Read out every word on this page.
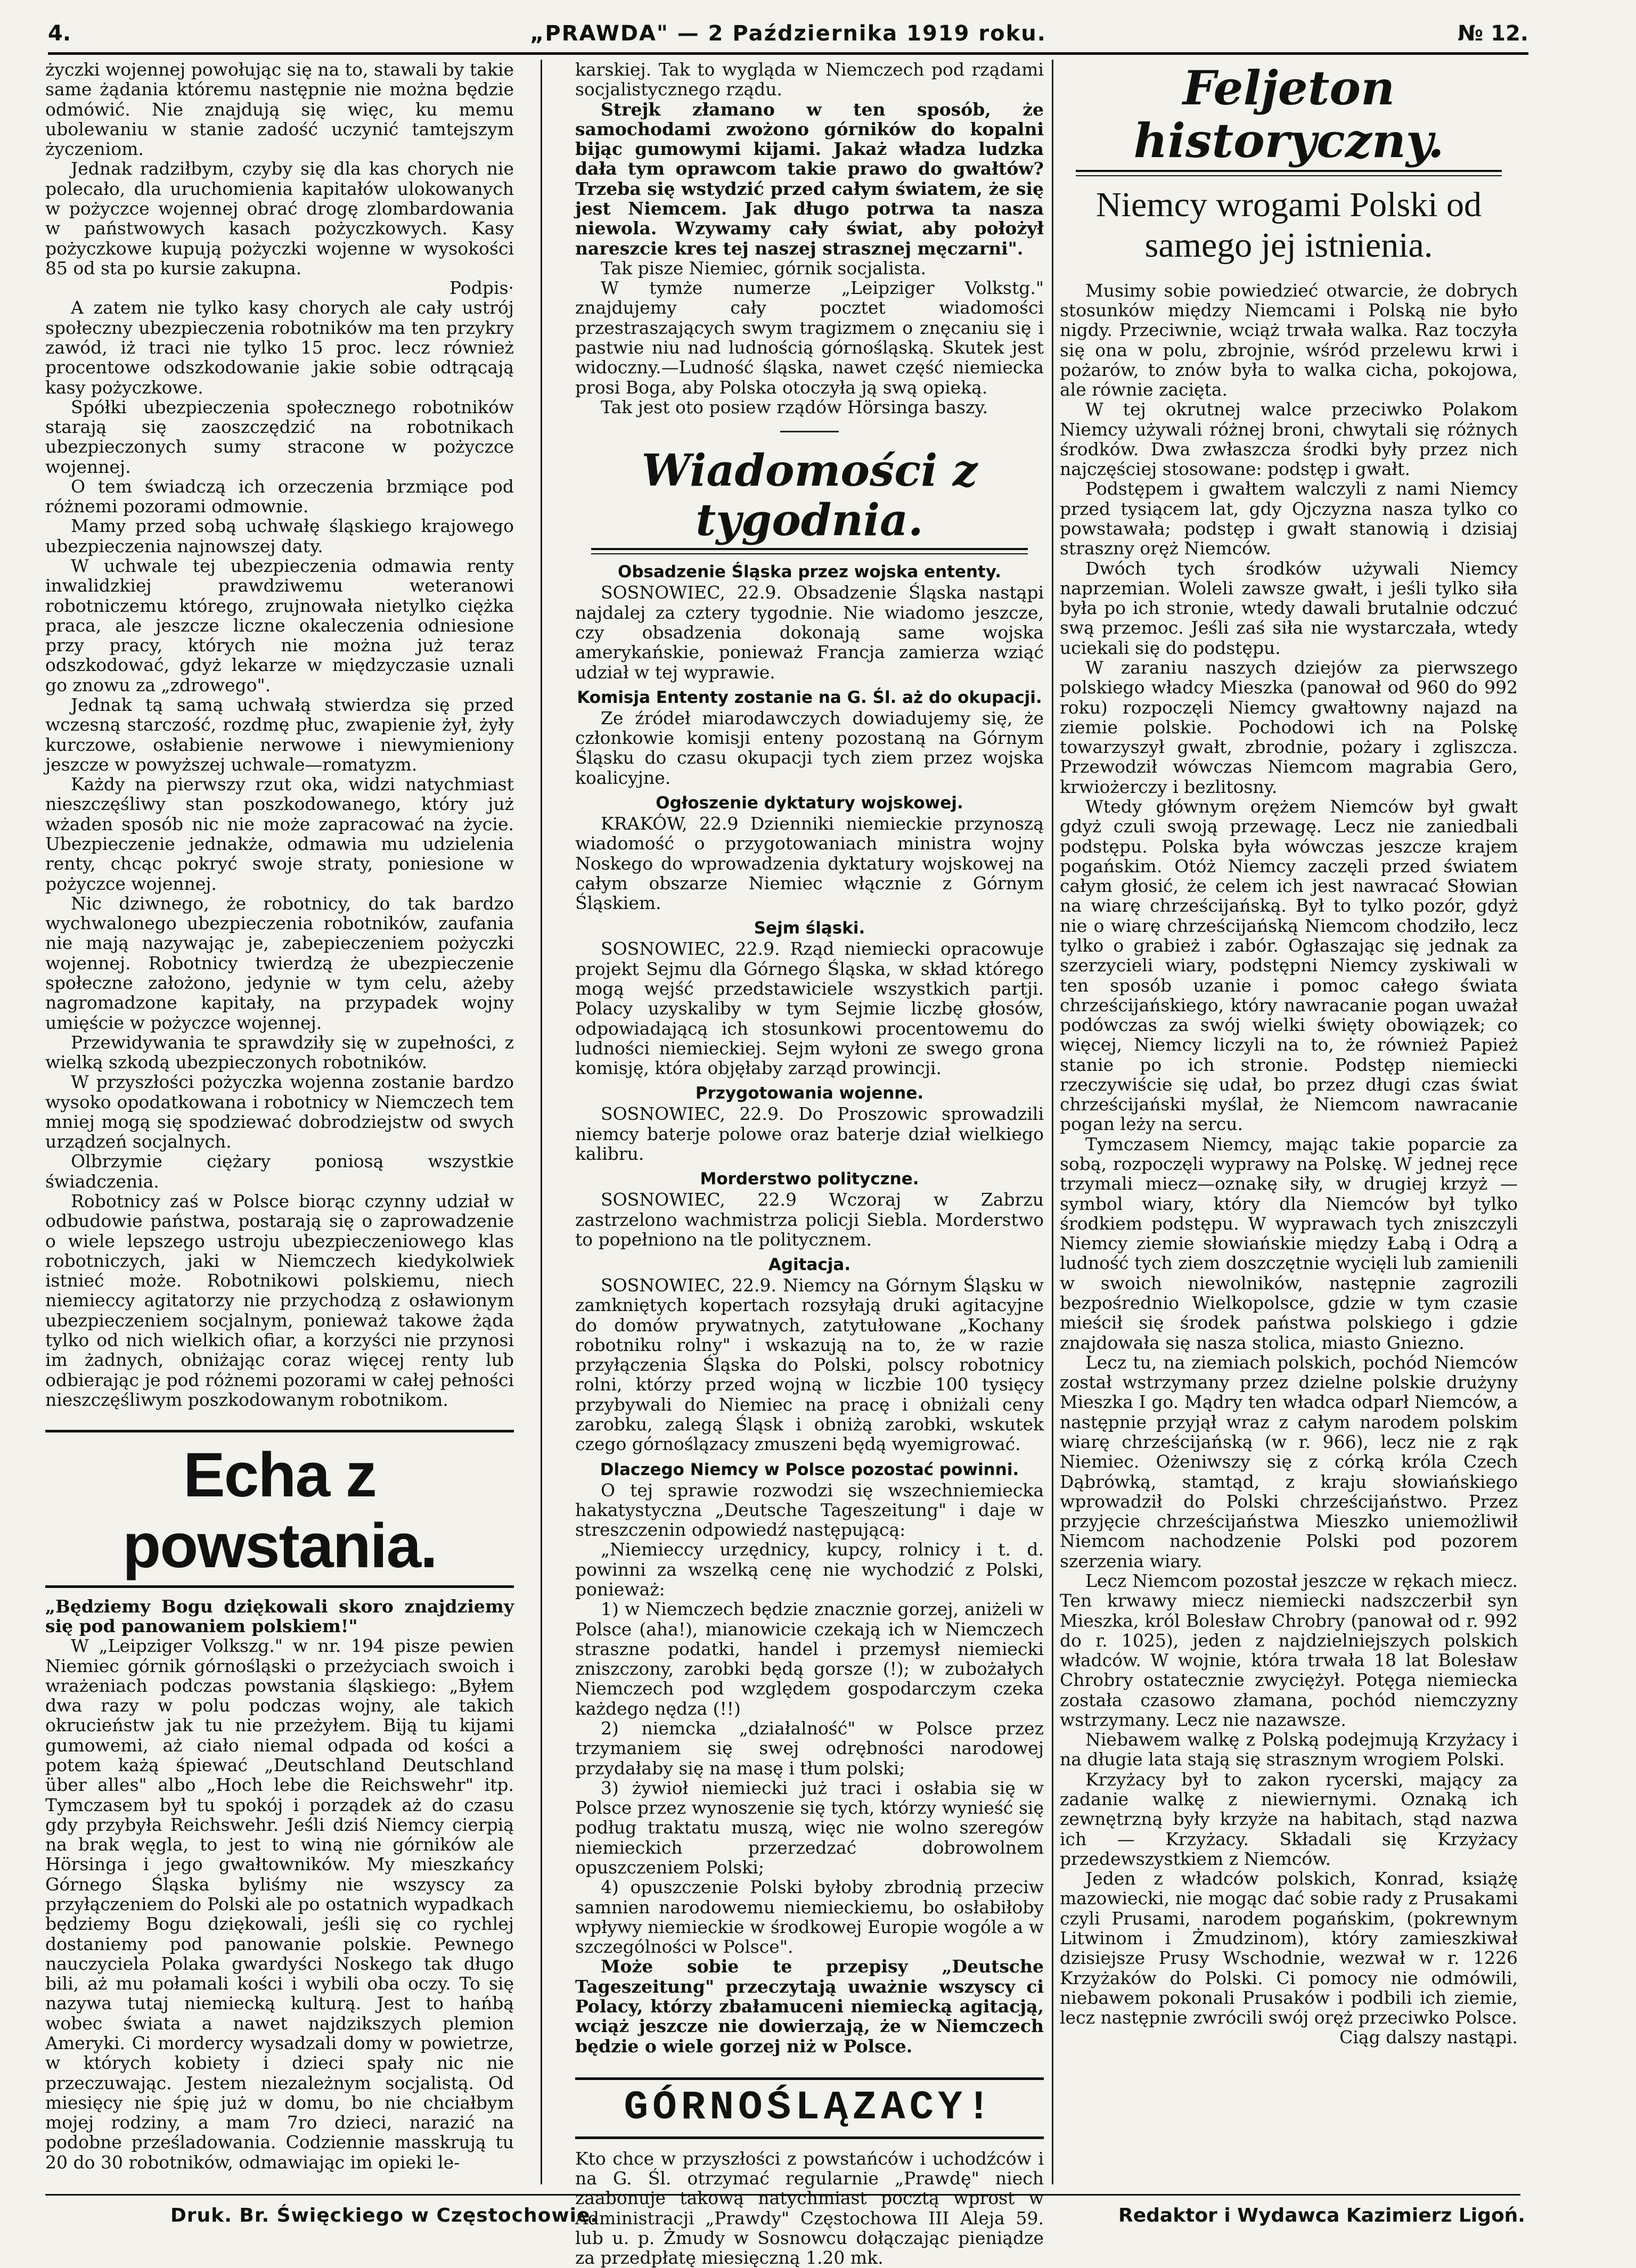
4.	„PRAWDA" — 2 Października 1919 roku.	№ 12.

życzki wojennej powołując się na to, stawali by takie same żądania któremu następnie nie można będzie odmówić. Nie znajdują się więc, ku memu ubolewaniu w stanie zadość uczynić tamtejszym życzeniom.

Jednak radziłbym, czyby się dla kas chorych nie polecało, dla uruchomienia kapitałów ulokowanych w pożyczce wojennej obrać drogę zlombardowania w państwowych kasach pożyczkowych. Kasy pożyczkowe kupują pożyczki wojenne w wysokości 85 od sta po kursie zakupna.

Podpis·

A zatem nie tylko kasy chorych ale cały ustrój społeczny ubezpieczenia robotników ma ten przykry zawód, iż traci nie tylko 15 proc. lecz również procentowe odszkodowanie jakie sobie odtrącają kasy pożyczkowe.

Spółki ubezpieczenia społecznego robotników starają się zaoszczędzić na robotnikach ubezpieczonych sumy stracone w pożyczce wojennej.

O tem świadczą ich orzeczenia brzmiące pod różnemi pozorami odmownie.

Mamy przed sobą uchwałę śląskiego krajowego ubezpieczenia najnowszej daty.

W uchwale tej ubezpieczenia odmawia renty inwalidzkiej prawdziwemu weteranowi robotniczemu którego, zrujnowała nietylko ciężka praca, ale jeszcze liczne okaleczenia odniesione przy pracy, których nie można już teraz odszkodować, gdyż lekarze w międzyczasie uznali go znowu za „zdrowego".

Jednak tą samą uchwałą stwierdza się przed wczesną starczość, rozdmę płuc, zwapienie żył, żyły kurczowe, osłabienie nerwowe i niewymieniony jeszcze w powyższej uchwale—romatyzm.

Każdy na pierwszy rzut oka, widzi natychmiast nieszczęśliwy stan poszkodowanego, który już wżaden sposób nic nie może zapracować na życie. Ubezpieczenie jednakże, odmawia mu udzielenia renty, chcąc pokryć swoje straty, poniesione w pożyczce wojennej.

Nic dziwnego, że robotnicy, do tak bardzo wychwalonego ubezpieczenia robotników, zaufania nie mają nazywając je, zabepieczeniem pożyczki wojennej. Robotnicy twierdzą że ubezpieczenie społeczne założono, jedynie w tym celu, ażeby nagromadzone kapitały, na przypadek wojny umięście w pożyczce wojennej.

Przewidywania te sprawdziły się w zupełności, z wielką szkodą ubezpieczonych robotników.

W przyszłości pożyczka wojenna zostanie bardzo wysoko opodatkowana i robotnicy w Niemczech tem mniej mogą się spodziewać dobrodziejstw od swych urządzeń socjalnych.

Olbrzymie ciężary poniosą wszystkie świadczenia.

Robotnicy zaś w Polsce biorąc czynny udział w odbudowie państwa, postarają się o zaprowadzenie o wiele lepszego ustroju ubezpieczeniowego klas robotniczych, jaki w Niemczech kiedykolwiek istnieć może. Robotnikowi polskiemu, niech niemieccy agitatorzy nie przychodzą z osławionym ubezpieczeniem socjalnym, ponieważ takowe żąda tylko od nich wielkich ofiar, a korzyści nie przynosi im żadnych, obniżając coraz więcej renty lub odbierając je pod różnemi pozorami w całej pełności nieszczęśliwym poszkodowanym robotnikom.

Echa z powstania.

„Będziemy Bogu dziękowali skoro znajdziemy się pod panowaniem polskiem!"

W „Leipziger Volkszg." w nr. 194 pisze pewien Niemiec górnik górnośląski o przeżyciach swoich i wrażeniach podczas powstania śląskiego: „Byłem dwa razy w polu podczas wojny, ale takich okrucieństw jak tu nie przeżyłem. Biją tu kijami gumowemi, aż ciało niemal odpada od kości a potem każą śpiewać „Deutschland Deutschland über alles" albo „Hoch lebe die Reichswehr" itp. Tymczasem był tu spokój i porządek aż do czasu gdy przybyła Reichswehr. Jeśli dziś Niemcy cierpią na brak węgla, to jest to winą nie górników ale Hörsinga i jego gwałtowników. My mieszkańcy Górnego Śląska byliśmy nie wszyscy za przyłączeniem do Polski ale po ostatnich wypadkach będziemy Bogu dziękowali, jeśli się co rychlej dostaniemy pod panowanie polskie. Pewnego nauczyciela Polaka gwardyści Noskego tak długo bili, aż mu połamali kości i wybili oba oczy. To się nazywa tutaj niemiecką kulturą. Jest to hańbą wobec świata a nawet najdzikszych plemion Ameryki. Ci mordercy wysadzali domy w powietrze, w których kobiety i dzieci spały nic nie przeczuwając. Jestem niezależnym socjalistą. Od miesięcy nie śpię już w domu, bo nie chciałbym mojej rodziny, a mam 7ro dzieci, narazić na podobne prześladowania. Codziennie masskrują tu 20 do 30 robotników, odmawiając im opieki le-

karskiej. Tak to wygląda w Niemczech pod rządami socjalistycznego rządu.

Strejk złamano w ten sposób, że samochodami zwożono górników do kopalni bijąc gumowymi kijami. Jakaż władza ludzka dała tym oprawcom takie prawo do gwałtów? Trzeba się wstydzić przed całym światem, że się jest Niemcem. Jak długo potrwa ta nasza niewola. Wzywamy cały świat, aby położył nareszcie kres tej naszej strasznej męczarni".

Tak pisze Niemiec, górnik socjalista.

W tymże numerze „Leipziger Volkstg." znajdujemy cały pocztet wiadomości przestraszających swym tragizmem o znęcaniu się i pastwie niu nad ludnością górnośląską. Skutek jest widoczny.—Ludność śląska, nawet część niemiecka prosi Boga, aby Polska otoczyła ją swą opieką.

Tak jest oto posiew rządów Hörsinga baszy.

Wiadomości z tygodnia.
Obsadzenie Śląska przez wojska ententy.

SOSNOWIEC, 22.9. Obsadzenie Śląska nastąpi najdalej za cztery tygodnie. Nie wiadomo jeszcze, czy obsadzenia dokonają same wojska amerykańskie, ponieważ Francja zamierza wziąć udział w tej wyprawie.

Komisja Ententy zostanie na G. Śl. aż do okupacji.

Ze źródeł miarodawczych dowiadujemy się, że członkowie komisji enteny pozostaną na Górnym Śląsku do czasu okupacji tych ziem przez wojska koalicyjne.

Ogłoszenie dyktatury wojskowej.

KRAKÓW, 22.9 Dzienniki niemieckie przynoszą wiadomość o przygotowaniach ministra wojny Noskego do wprowadzenia dyktatury wojskowej na całym obszarze Niemiec włącznie z Górnym Śląskiem.

Sejm śląski.

SOSNOWIEC, 22.9. Rząd niemiecki opracowuje projekt Sejmu dla Górnego Śląska, w skład którego mogą wejść przedstawiciele wszystkich partji. Polacy uzyskaliby w tym Sejmie liczbę głosów, odpowiadającą ich stosunkowi procentowemu do ludności niemieckiej. Sejm wyłoni ze swego grona komisję, która objęłaby zarząd prowincji.

Przygotowania wojenne.

SOSNOWIEC, 22.9. Do Proszowic sprowadzili niemcy baterje polowe oraz baterje dział wielkiego kalibru.

Morderstwo polityczne.

SOSNOWIEC, 22.9 Wczoraj w Zabrzu zastrzelono wachmistrza policji Siebla. Morderstwo to popełniono na tle politycznem.

Agitacja.

SOSNOWIEC, 22.9. Niemcy na Górnym Śląsku w zamkniętych kopertach rozsyłają druki agitacyjne do domów prywatnych, zatytułowane „Kochany robotniku rolny" i wskazują na to, że w razie przyłączenia Śląska do Polski, polscy robotnicy rolni, którzy przed wojną w liczbie 100 tysięcy przybywali do Niemiec na pracę i obniżali ceny zarobku, zalegą Śląsk i obniżą zarobki, wskutek czego górnoślązacy zmuszeni będą wyemigrować.

Dlaczego Niemcy w Polsce pozostać powinni.

O tej sprawie rozwodzi się wszechniemiecka hakatystyczna „Deutsche Tageszeitung" i daje w streszczenin odpowiedź następującą:

„Niemieccy urzędnicy, kupcy, rolnicy i t. d. powinni za wszelką cenę nie wychodzić z Polski, ponieważ:

1) w Niemczech będzie znacznie gorzej, aniżeli w Polsce (aha!), mianowicie czekają ich w Niemczech straszne podatki, handel i przemysł niemiecki zniszczony, zarobki będą gorsze (!); w zubożałych Niemczech pod względem gospodarczym czeka każdego nędza (!!)

2) niemcka „działalność" w Polsce przez trzymaniem się swej odrębności narodowej przydałaby się na masę i tłum polski;

3) żywioł niemiecki już traci i osłabia się w Polsce przez wynoszenie się tych, którzy wynieść się podług traktatu muszą, więc nie wolno szeregów niemieckich przerzedzać dobrowolnem opuszczeniem Polski;

4) opuszczenie Polski byłoby zbrodnią przeciw samnien narodowemu niemieckiemu, bo osłabiłoby wpływy niemieckie w środkowej Europie wogóle a w szczególności w Polsce".

Może sobie te przepisy „Deutsche Tageszeitung" przeczytają uważnie wszyscy ci Polacy, którzy zbałamuceni niemiecką agitacją, wciąż jeszcze nie dowierzają, że w Niemczech będzie o wiele gorzej niż w Polsce.

GÓRNOŚLĄZACY!

Kto chce w przyszłości z powstańców i uchodźców i na G. Śl. otrzymać regularnie „Prawdę" niech zaabonuje takową natychmiast pocztą wprost w Administracji „Prawdy" Częstochowa III Aleja 59. lub u. p. Żmudy w Sosnowcu dołączając pieniądze za przedpłatę miesięczną 1.20 mk.

Feljeton historyczny.
Niemcy wrogami Polski od samego jej istnienia.

Musimy sobie powiedzieć otwarcie, że dobrych stosunków między Niemcami i Polską nie było nigdy. Przeciwnie, wciąż trwała walka. Raz toczyła się ona w polu, zbrojnie, wśród przelewu krwi i pożarów, to znów była to walka cicha, pokojowa, ale równie zacięta.

W tej okrutnej walce przeciwko Polakom Niemcy używali różnej broni, chwytali się różnych środków. Dwa zwłaszcza środki były przez nich najczęściej stosowane: podstęp i gwałt.

Podstępem i gwałtem walczyli z nami Niemcy przed tysiącem lat, gdy Ojczyzna nasza tylko co powstawała; podstęp i gwałt stanowią i dzisiaj straszny oręż Niemców.

Dwóch tych środków używali Niemcy naprzemian. Woleli zawsze gwałt, i jeśli tylko siła była po ich stronie, wtedy dawali brutalnie odczuć swą przemoc. Jeśli zaś siła nie wystarczała, wtedy uciekali się do podstępu.

W zaraniu naszych dziejów za pierwszego polskiego władcy Mieszka (panował od 960 do 992 roku) rozpoczęli Niemcy gwałtowny najazd na ziemie polskie. Pochodowi ich na Polskę towarzyszył gwałt, zbrodnie, pożary i zgliszcza. Przewodził wówczas Niemcom magrabia Gero, krwiożerczy i bezlitosny.

Wtedy głównym orężem Niemców był gwałt gdyż czuli swoją przewagę. Lecz nie zaniedbali podstępu. Polska była wówczas jeszcze krajem pogańskim. Otóż Niemcy zaczęli przed światem całym głosić, że celem ich jest nawracać Słowian na wiarę chrześcijańską. Był to tylko pozór, gdyż nie o wiarę chrześcijańską Niemcom chodziło, lecz tylko o grabież i zabór. Ogłaszając się jednak za szerzycieli wiary, podstępni Niemcy zyskiwali w ten sposób uzanie i pomoc całego świata chrześcijańskiego, który nawracanie pogan uważał podówczas za swój wielki święty obowiązek; co więcej, Niemcy liczyli na to, że również Papież stanie po ich stronie. Podstęp niemiecki rzeczywiście się udał, bo przez długi czas świat chrześcijański myślał, że Niemcom nawracanie pogan leży na sercu.

Tymczasem Niemcy, mając takie poparcie za sobą, rozpoczęli wyprawy na Polskę. W jednej ręce trzymali miecz—oznakę siły, w drugiej krzyż — symbol wiary, który dla Niemców był tylko środkiem podstępu. W wyprawach tych zniszczyli Niemcy ziemie słowiańskie między Łabą i Odrą a ludność tych ziem doszczętnie wycięli lub zamienili w swoich niewolników, następnie zagrozili bezpośrednio Wielkopolsce, gdzie w tym czasie mieścił się środek państwa polskiego i gdzie znajdowała się nasza stolica, miasto Gniezno.

Lecz tu, na ziemiach polskich, pochód Niemców został wstrzymany przez dzielne polskie drużyny Mieszka I go. Mądry ten władca odparł Niemców, a następnie przyjął wraz z całym narodem polskim wiarę chrześcijańską (w r. 966), lecz nie z rąk Niemiec. Ożeniwszy się z córką króla Czech Dąbrówką, stamtąd, z kraju słowiańskiego wprowadził do Polski chrześcijaństwo. Przez przyjęcie chrześcijaństwa Mieszko uniemożliwił Niemcom nachodzenie Polski pod pozorem szerzenia wiary.

Lecz Niemcom pozostał jeszcze w rękach miecz. Ten krwawy miecz niemiecki nadszczerbił syn Mieszka, król Bolesław Chrobry (panował od r. 992 do r. 1025), jeden z najdzielniejszych polskich władców. W wojnie, która trwała 18 lat Bolesław Chrobry ostatecznie zwyciężył. Potęga niemiecka została czasowo złamana, pochód niemczyzny wstrzymany. Lecz nie nazawsze.

Niebawem walkę z Polską podejmują Krzyżacy i na długie lata stają się strasznym wrogiem Polski.

Krzyżacy był to zakon rycerski, mający za zadanie walkę z niewiernymi. Oznaką ich zewnętrzną były krzyże na habitach, stąd nazwa ich — Krzyżacy. Składali się Krzyżacy przedewszystkiem z Niemców.

Jeden z władców polskich, Konrad, książę mazowiecki, nie mogąc dać sobie rady z Prusakami czyli Prusami, narodem pogańskim, (pokrewnym Litwinom i Żmudzinom), który zamieszkiwał dzisiejsze Prusy Wschodnie, wezwał w r. 1226 Krzyżaków do Polski. Ci pomocy nie odmówili, niebawem pokonali Prusaków i podbili ich ziemie, lecz następnie zwrócili swój oręż przeciwko Polsce.

Ciąg dalszy nastąpi.

Druk. Br. Święckiego w Częstochowie.	Redaktor i Wydawca Kazimierz Ligoń.
